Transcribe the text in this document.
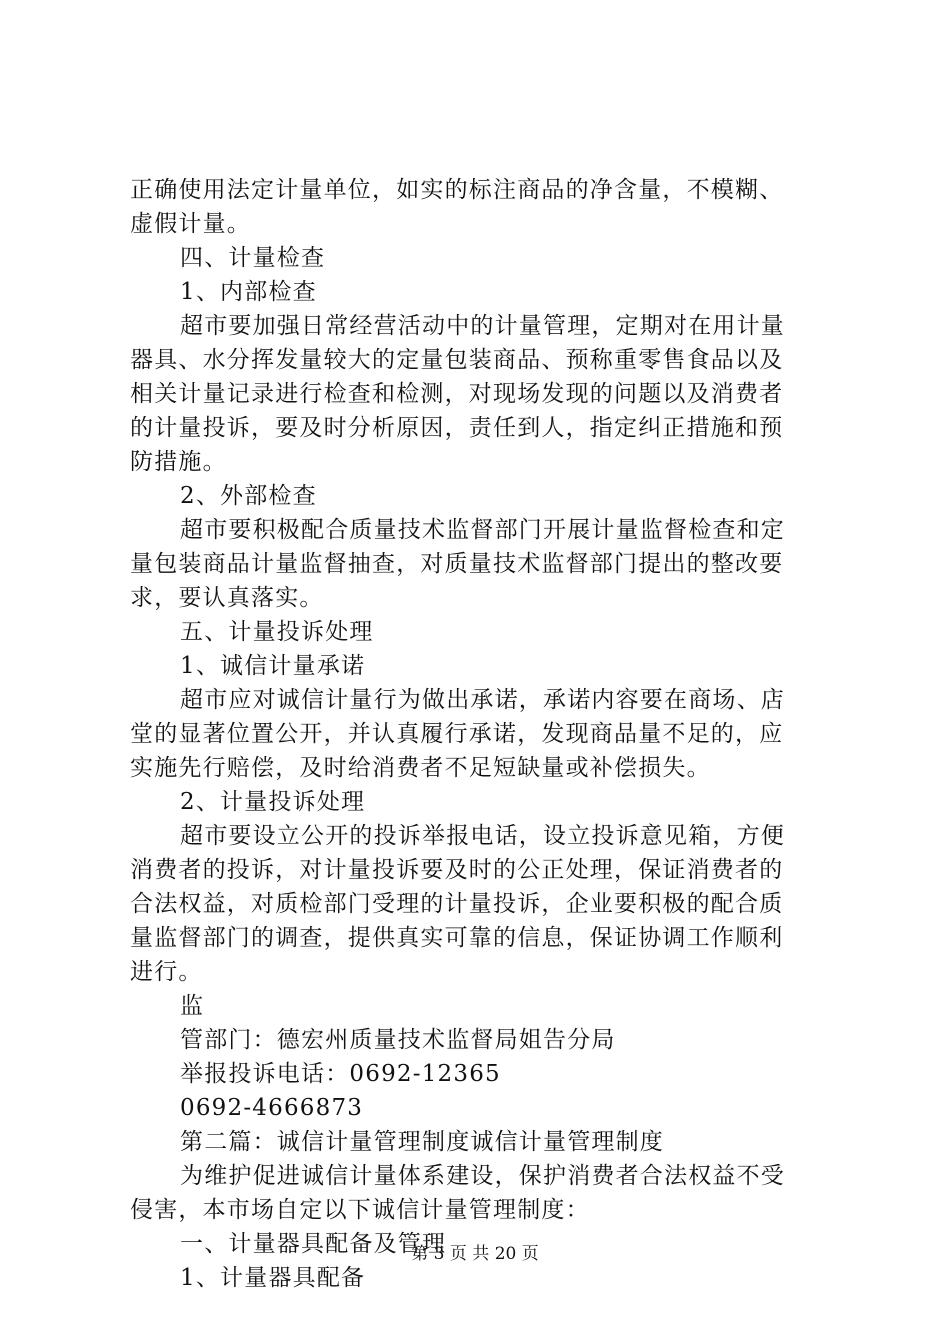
正确使用法定计量单位，如实的标注商品的净含量，不模糊、
虚假计量。
四、计量检查
1、内部检查
超市要加强日常经营活动中的计量管理，定期对在用计量
器具、水分挥发量较大的定量包装商品、预称重零售食品以及
相关计量记录进行检查和检测，对现场发现的问题以及消费者
的计量投诉，要及时分析原因，责任到人，指定纠正措施和预
防措施。
2、外部检查
超市要积极配合质量技术监督部门开展计量监督检查和定
量包装商品计量监督抽查，对质量技术监督部门提出的整改要
求，要认真落实。
五、计量投诉处理
1、诚信计量承诺
超市应对诚信计量行为做出承诺，承诺内容要在商场、店
堂的显著位置公开，并认真履行承诺，发现商品量不足的，应
实施先行赔偿，及时给消费者不足短缺量或补偿损失。
2、计量投诉处理
超市要设立公开的投诉举报电话，设立投诉意见箱，方便
消费者的投诉，对计量投诉要及时的公正处理，保证消费者的
合法权益，对质检部门受理的计量投诉，企业要积极的配合质
量监督部门的调查，提供真实可靠的信息，保证协调工作顺利
进行。
监
管部门：德宏州质量技术监督局姐告分局
举报投诉电话：0692-12365
0692-4666873
第二篇：诚信计量管理制度诚信计量管理制度
为维护促进诚信计量体系建设，保护消费者合法权益不受
侵害，本市场自定以下诚信计量管理制度：
一、计量器具配备及管理
1、计量器具配备
第 3 页 共 20 页
